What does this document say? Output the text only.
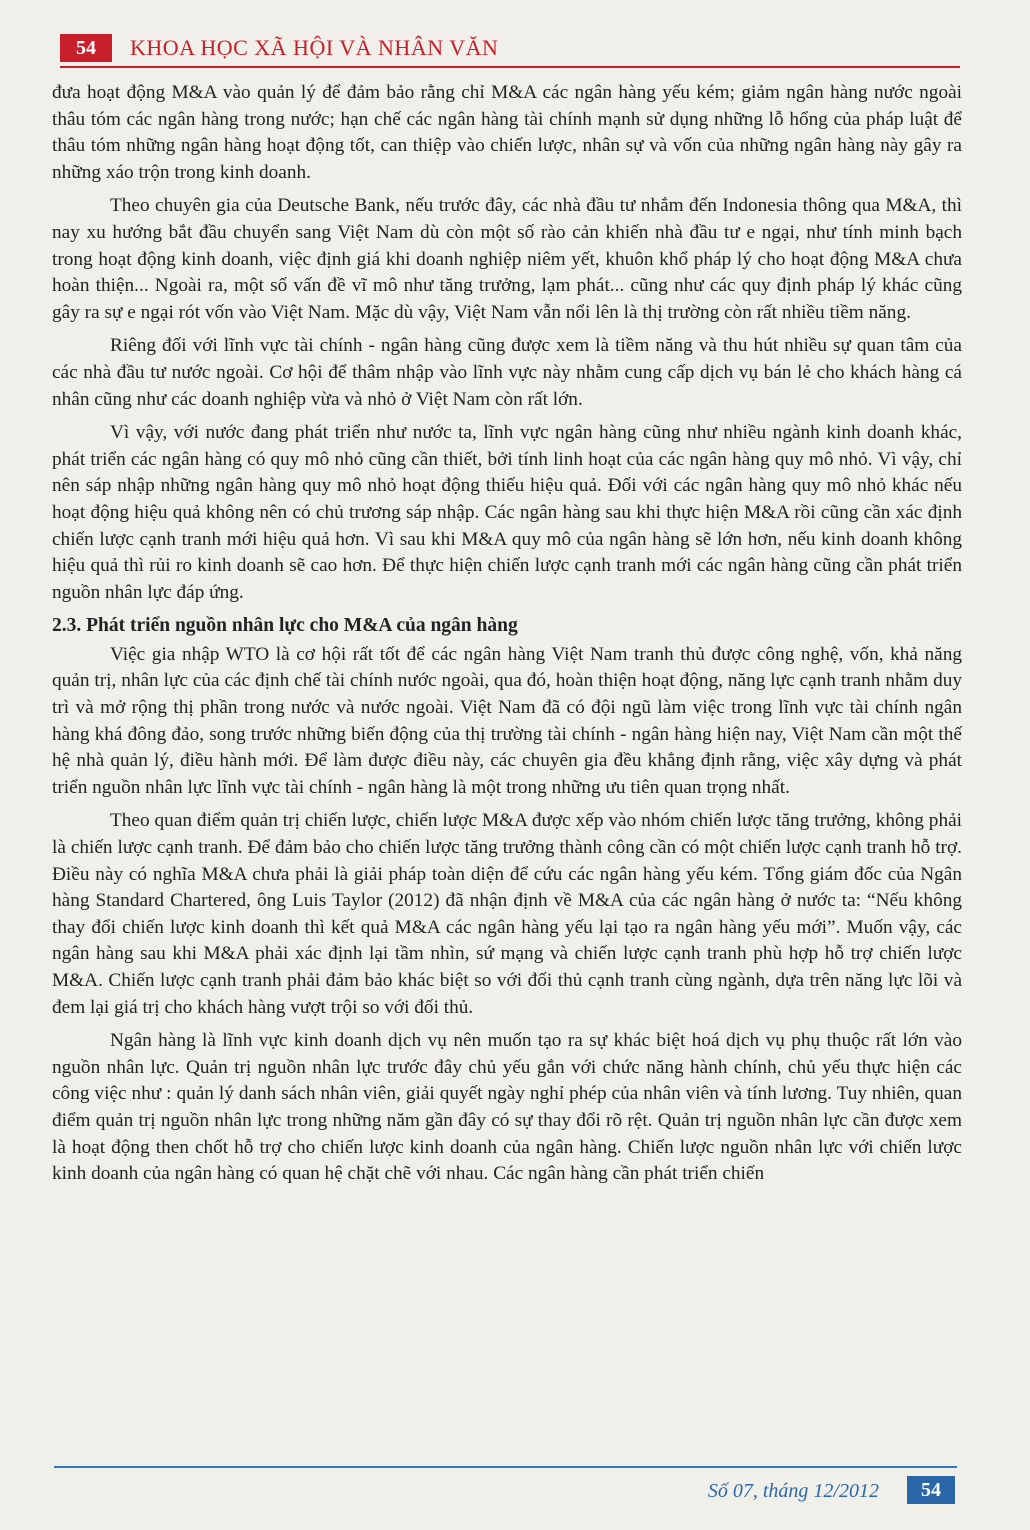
54	KHOA HỌC XÃ HỘI VÀ NHÂN VĂN

đưa hoạt động M&A vào quản lý để đảm bảo rằng chỉ M&A các ngân hàng yếu kém; giảm ngân hàng nước ngoài thâu tóm các ngân hàng trong nước; hạn chế các ngân hàng tài chính mạnh sử dụng những lỗ hổng của pháp luật để thâu tóm những ngân hàng hoạt động tốt, can thiệp vào chiến lược, nhân sự và vốn của những ngân hàng này gây ra những xáo trộn trong kinh doanh.

Theo chuyên gia của Deutsche Bank, nếu trước đây, các nhà đầu tư nhắm đến Indonesia thông qua M&A, thì nay xu hướng bắt đầu chuyển sang Việt Nam dù còn một số rào cản khiến nhà đầu tư e ngại, như tính minh bạch trong hoạt động kinh doanh, việc định giá khi doanh nghiệp niêm yết, khuôn khổ pháp lý cho hoạt động M&A chưa hoàn thiện... Ngoài ra, một số vấn đề vĩ mô như tăng trưởng, lạm phát... cũng như các quy định pháp lý khác cũng gây ra sự e ngại rót vốn vào Việt Nam. Mặc dù vậy, Việt Nam vẫn nổi lên là thị trường còn rất nhiều tiềm năng.

Riêng đối với lĩnh vực tài chính - ngân hàng cũng được xem là tiềm năng và thu hút nhiều sự quan tâm của các nhà đầu tư nước ngoài. Cơ hội để thâm nhập vào lĩnh vực này nhằm cung cấp dịch vụ bán lẻ cho khách hàng cá nhân cũng như các doanh nghiệp vừa và nhỏ ở Việt Nam còn rất lớn.

Vì vậy, với nước đang phát triển như nước ta, lĩnh vực ngân hàng cũng như nhiều ngành kinh doanh khác, phát triển các ngân hàng có quy mô nhỏ cũng cần thiết, bởi tính linh hoạt của các ngân hàng quy mô nhỏ. Vì vậy, chỉ nên sáp nhập những ngân hàng quy mô nhỏ hoạt động thiếu hiệu quả. Đối với các ngân hàng quy mô nhỏ khác nếu hoạt động hiệu quả không nên có chủ trương sáp nhập. Các ngân hàng sau khi thực hiện M&A rồi cũng cần xác định chiến lược cạnh tranh mới hiệu quả hơn. Vì sau khi M&A quy mô của ngân hàng sẽ lớn hơn, nếu kinh doanh không hiệu quả thì rủi ro kinh doanh sẽ cao hơn. Để thực hiện chiến lược cạnh tranh mới các ngân hàng cũng cần phát triển nguồn nhân lực đáp ứng.

2.3. Phát triển nguồn nhân lực cho M&A của ngân hàng

Việc gia nhập WTO là cơ hội rất tốt để các ngân hàng Việt Nam tranh thủ được công nghệ, vốn, khả năng quản trị, nhân lực của các định chế tài chính nước ngoài, qua đó, hoàn thiện hoạt động, năng lực cạnh tranh nhằm duy trì và mở rộng thị phần trong nước và nước ngoài. Việt Nam đã có đội ngũ làm việc trong lĩnh vực tài chính ngân hàng khá đông đảo, song trước những biến động của thị trường tài chính - ngân hàng hiện nay, Việt Nam cần một thế hệ nhà quản lý, điều hành mới. Để làm được điều này, các chuyên gia đều khẳng định rằng, việc xây dựng và phát triển nguồn nhân lực lĩnh vực tài chính - ngân hàng là một trong những ưu tiên quan trọng nhất.

Theo quan điểm quản trị chiến lược, chiến lược M&A được xếp vào nhóm chiến lược tăng trưởng, không phải là chiến lược cạnh tranh. Để đảm bảo cho chiến lược tăng trưởng thành công cần có một chiến lược cạnh tranh hỗ trợ. Điều này có nghĩa M&A chưa phải là giải pháp toàn diện để cứu các ngân hàng yếu kém. Tổng giám đốc của Ngân hàng Standard Chartered, ông Luis Taylor (2012) đã nhận định về M&A của các ngân hàng ở nước ta: “Nếu không thay đổi chiến lược kinh doanh thì kết quả M&A các ngân hàng yếu lại tạo ra ngân hàng yếu mới”. Muốn vậy, các ngân hàng sau khi M&A phải xác định lại tầm nhìn, sứ mạng và chiến lược cạnh tranh phù hợp hỗ trợ chiến lược M&A. Chiến lược cạnh tranh phải đảm bảo khác biệt so với đối thủ cạnh tranh cùng ngành, dựa trên năng lực lõi và đem lại giá trị cho khách hàng vượt trội so với đối thủ.

Ngân hàng là lĩnh vực kinh doanh dịch vụ nên muốn tạo ra sự khác biệt hoá dịch vụ phụ thuộc rất lớn vào nguồn nhân lực. Quản trị nguồn nhân lực trước đây chủ yếu gắn với chức năng hành chính, chủ yếu thực hiện các công việc như : quản lý danh sách nhân viên, giải quyết ngày nghỉ phép của nhân viên và tính lương. Tuy nhiên, quan điểm quản trị nguồn nhân lực trong những năm gần đây có sự thay đổi rõ rệt. Quản trị nguồn nhân lực cần được xem là hoạt động then chốt hỗ trợ cho chiến lược kinh doanh của ngân hàng. Chiến lược nguồn nhân lực với chiến lược kinh doanh của ngân hàng có quan hệ chặt chẽ với nhau. Các ngân hàng cần phát triển chiến

Số 07, tháng 12/2012	54
